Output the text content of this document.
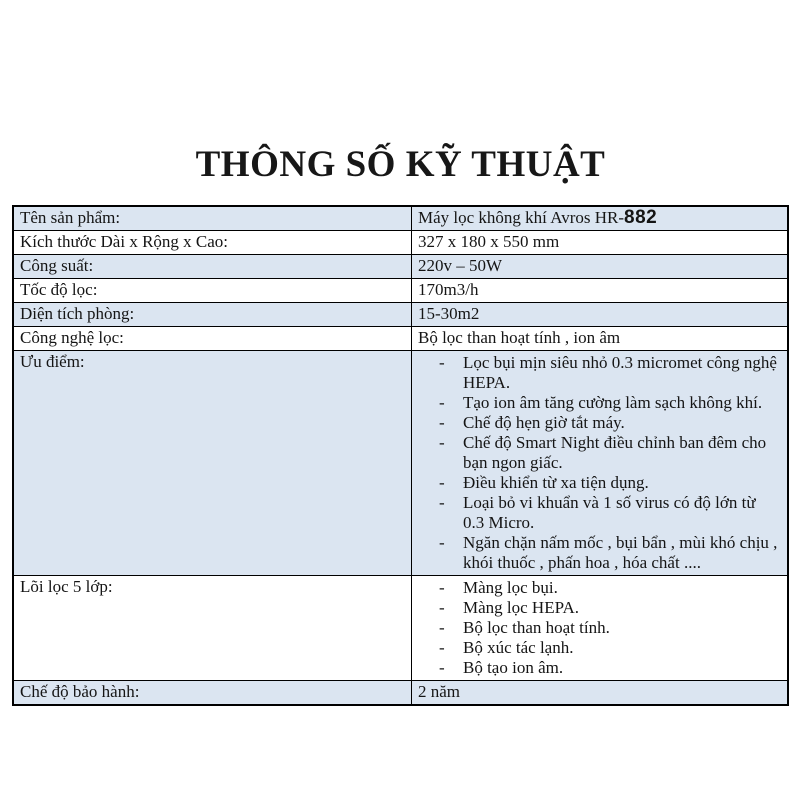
THÔNG SỐ KỸ THUẬT
Tên sản phẩm:	Máy lọc không khí Avros HR-882
Kích thước Dài x Rộng x Cao:	327 x 180 x 550 mm
Công suất:	220v – 50W
Tốc độ lọc:	170m3/h
Diện tích phòng:	15-30m2
Công nghệ lọc:	Bộ lọc than hoạt tính , ion âm
Ưu điểm:	-	Lọc bụi mịn siêu nhỏ 0.3 micromet công nghệ HEPA.
-	Tạo ion âm tăng cường làm sạch không khí.
-	Chế độ hẹn giờ tắt máy.
-	Chế độ Smart Night điều chỉnh ban đêm cho bạn ngon giấc.
-	Điều khiển từ xa tiện dụng.
-	Loại bỏ vi khuẩn và 1 số virus có độ lớn từ 0.3 Micro.
-	Ngăn chặn nấm mốc , bụi bẩn , mùi khó chịu , khói thuốc , phấn hoa , hóa chất ....
Lõi lọc 5 lớp:	-	Màng lọc bụi.
-	Màng lọc HEPA.
-	Bộ lọc than hoạt tính.
-	Bộ xúc tác lạnh.
-	Bộ tạo ion âm.
Chế độ bảo hành:	2 năm
